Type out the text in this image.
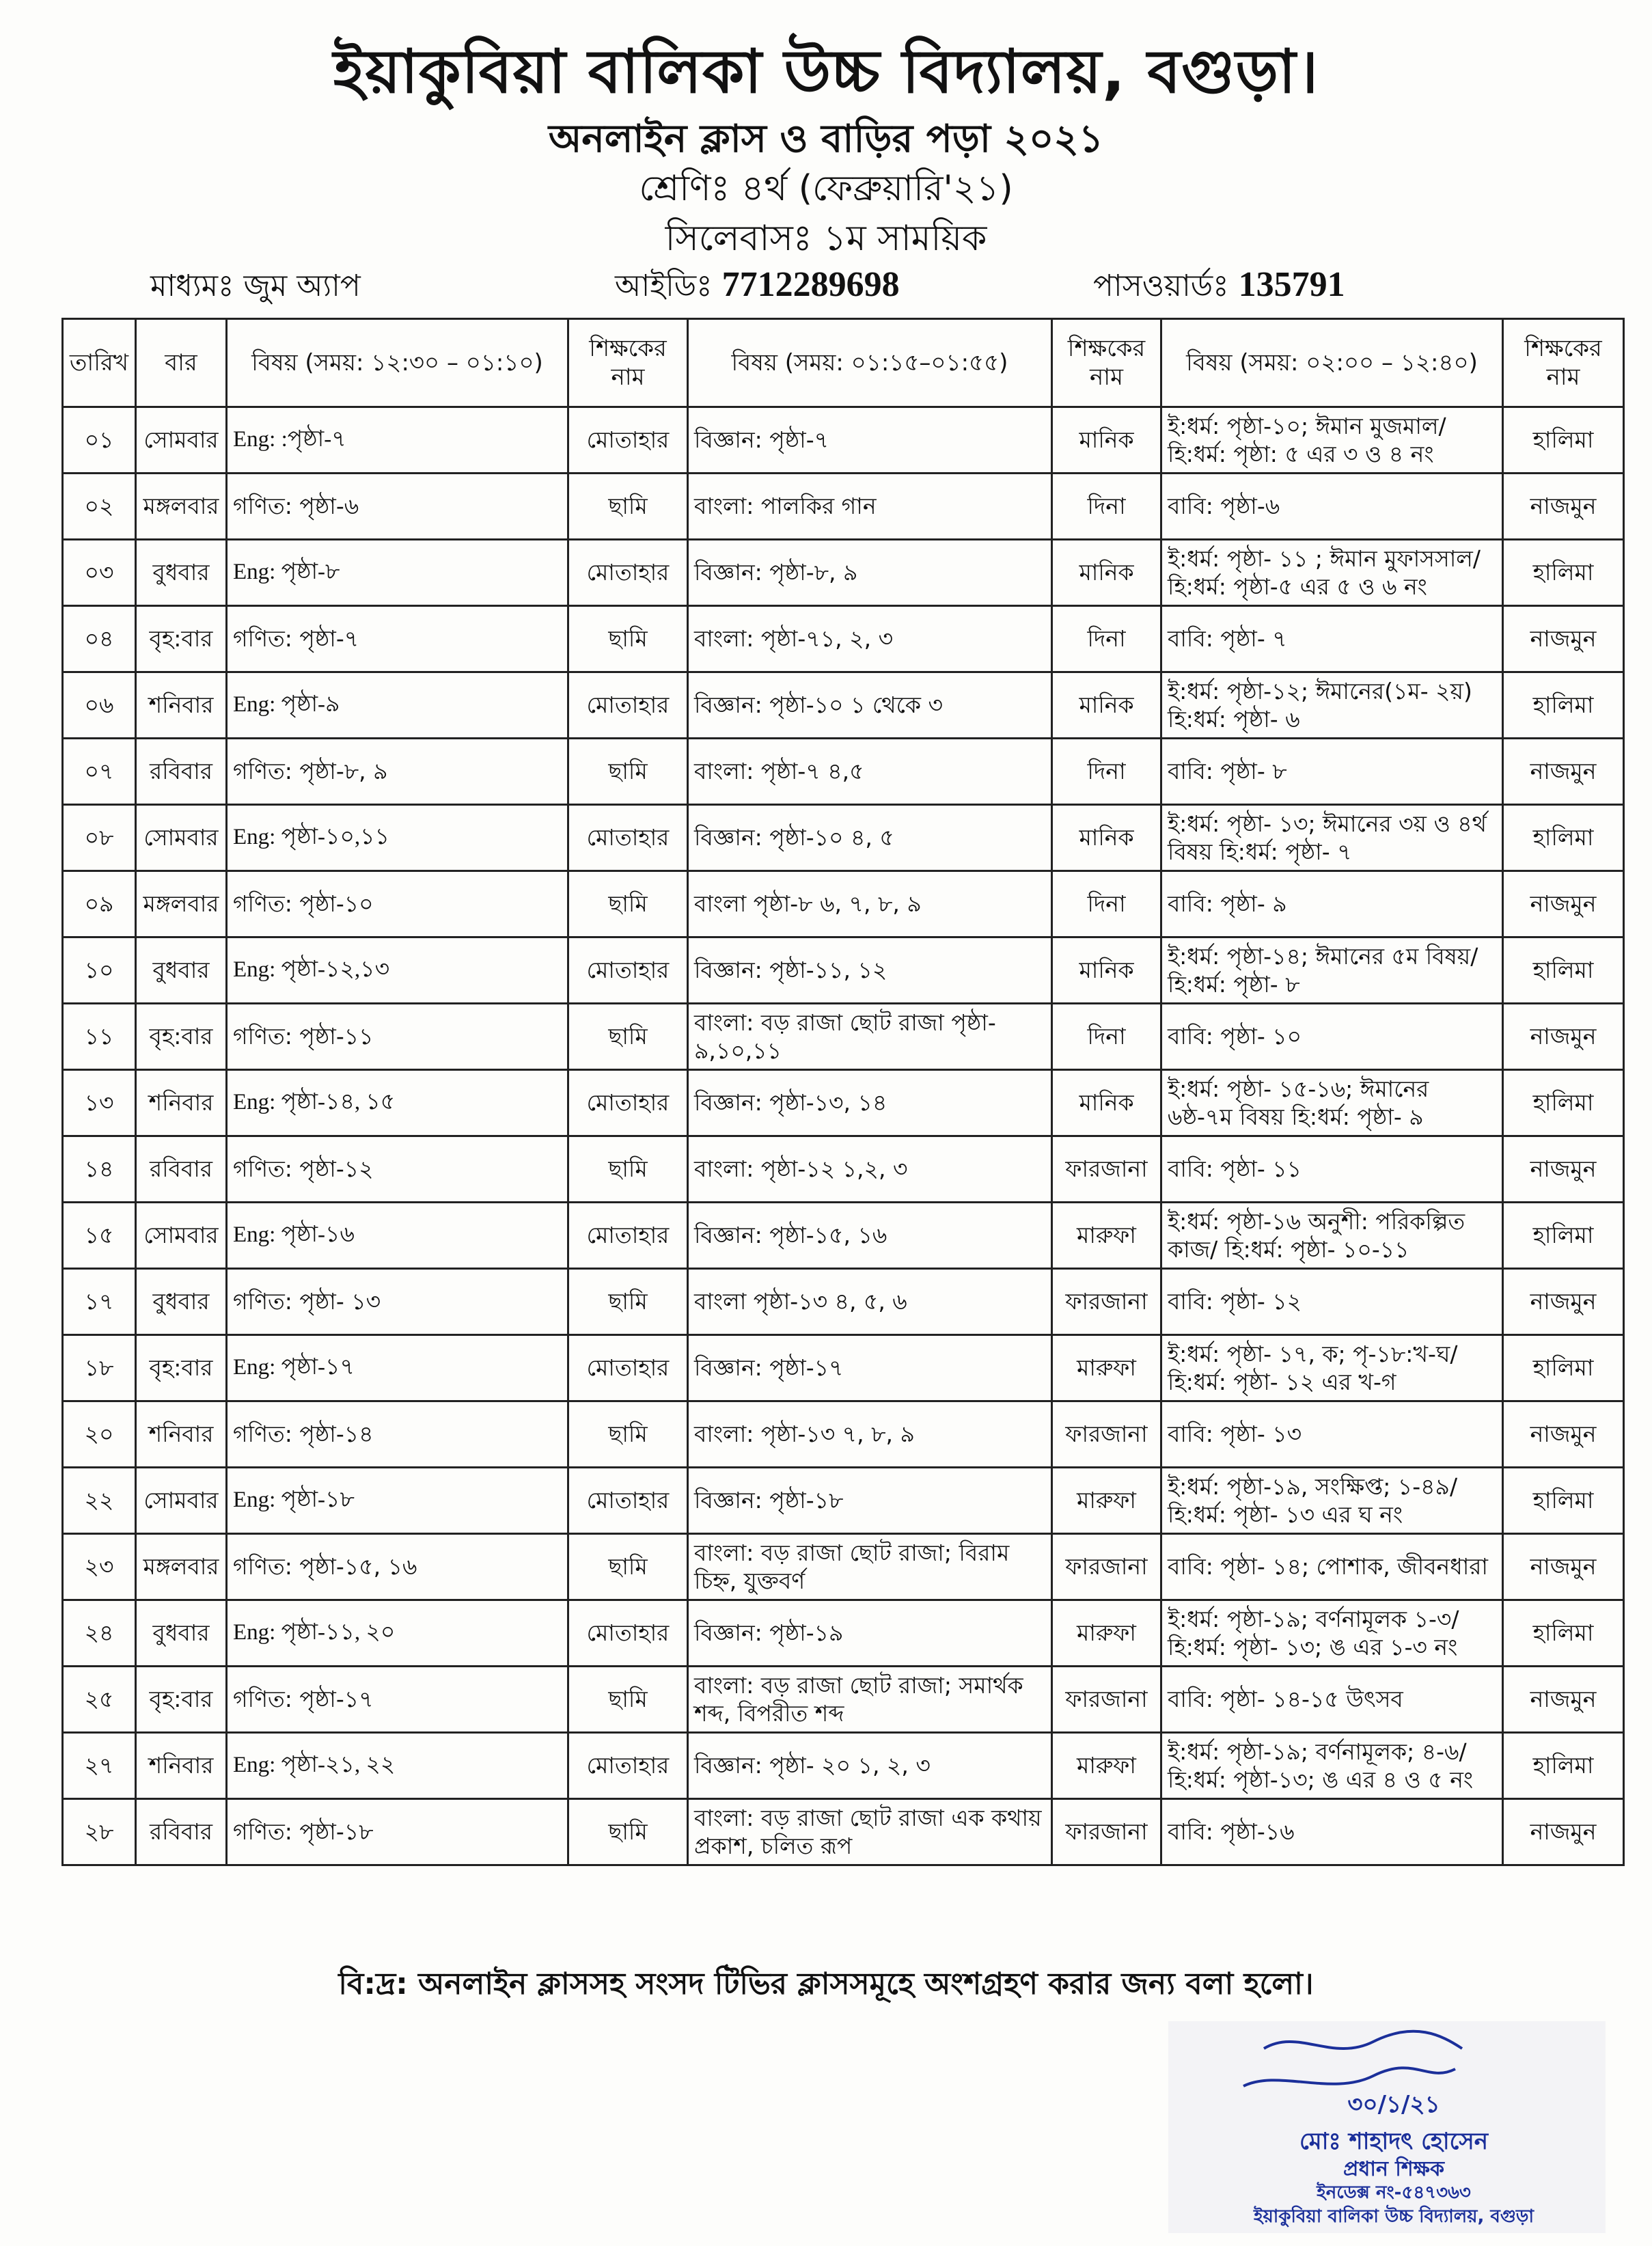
ইয়াকুবিয়া বালিকা উচ্চ বিদ্যালয়, বগুড়া।
অনলাইন ক্লাস ও বাড়ির পড়া ২০২১
শ্রেণিঃ ৪র্থ (ফেব্রুয়ারি'২১)
সিলেবাসঃ ১ম সাময়িক
মাধ্যমঃ জুম অ্যাপ	আইডিঃ 7712289698	পাসওয়ার্ডঃ 135791
তারিখ	বার	বিষয় (সময়: ১২:৩০ – ০১:১০)	শিক্ষকের নাম	বিষয় (সময়: ০১:১৫–০১:৫৫)	শিক্ষকের নাম	বিষয় (সময়: ০২:০০ – ১২:৪০)	শিক্ষকের নাম
০১	সোমবার	Eng: :পৃষ্ঠা-৭	মোতাহার	বিজ্ঞান: পৃষ্ঠা-৭	মানিক	ই:ধর্ম: পৃষ্ঠা-১০; ঈমান মুজমাল/ হি:ধর্ম: পৃষ্ঠা: ৫ এর ৩ ও ৪ নং	হালিমা
০২	মঙ্গলবার	গণিত: পৃষ্ঠা-৬	ছামি	বাংলা: পালকির গান	দিনা	বাবি: পৃষ্ঠা-৬	নাজমুন
০৩	বুধবার	Eng: পৃষ্ঠা-৮	মোতাহার	বিজ্ঞান: পৃষ্ঠা-৮, ৯	মানিক	ই:ধর্ম: পৃষ্ঠা- ১১ ; ঈমান মুফাসসাল/ হি:ধর্ম: পৃষ্ঠা-৫ এর ৫ ও ৬ নং	হালিমা
০৪	বৃহ:বার	গণিত: পৃষ্ঠা-৭	ছামি	বাংলা: পৃষ্ঠা-৭১, ২, ৩	দিনা	বাবি: পৃষ্ঠা- ৭	নাজমুন
০৬	শনিবার	Eng: পৃষ্ঠা-৯	মোতাহার	বিজ্ঞান: পৃষ্ঠা-১০ ১ থেকে ৩	মানিক	ই:ধর্ম: পৃষ্ঠা-১২; ঈমানের(১ম- ২য়) হি:ধর্ম: পৃষ্ঠা- ৬	হালিমা
০৭	রবিবার	গণিত: পৃষ্ঠা-৮, ৯	ছামি	বাংলা: পৃষ্ঠা-৭ ৪,৫	দিনা	বাবি: পৃষ্ঠা- ৮	নাজমুন
০৮	সোমবার	Eng: পৃষ্ঠা-১০,১১	মোতাহার	বিজ্ঞান: পৃষ্ঠা-১০ ৪, ৫	মানিক	ই:ধর্ম: পৃষ্ঠা- ১৩; ঈমানের ৩য় ও ৪র্থ বিষয় হি:ধর্ম: পৃষ্ঠা- ৭	হালিমা
০৯	মঙ্গলবার	গণিত: পৃষ্ঠা-১০	ছামি	বাংলা পৃষ্ঠা-৮ ৬, ৭, ৮, ৯	দিনা	বাবি: পৃষ্ঠা- ৯	নাজমুন
১০	বুধবার	Eng: পৃষ্ঠা-১২,১৩	মোতাহার	বিজ্ঞান: পৃষ্ঠা-১১, ১২	মানিক	ই:ধর্ম: পৃষ্ঠা-১৪; ঈমানের ৫ম বিষয়/ হি:ধর্ম: পৃষ্ঠা- ৮	হালিমা
১১	বৃহ:বার	গণিত: পৃষ্ঠা-১১	ছামি	বাংলা: বড় রাজা ছোট রাজা পৃষ্ঠা- ৯,১০,১১	দিনা	বাবি: পৃষ্ঠা- ১০	নাজমুন
১৩	শনিবার	Eng: পৃষ্ঠা-১৪, ১৫	মোতাহার	বিজ্ঞান: পৃষ্ঠা-১৩, ১৪	মানিক	ই:ধর্ম: পৃষ্ঠা- ১৫-১৬; ঈমানের ৬ষ্ঠ-৭ম বিষয় হি:ধর্ম: পৃষ্ঠা- ৯	হালিমা
১৪	রবিবার	গণিত: পৃষ্ঠা-১২	ছামি	বাংলা: পৃষ্ঠা-১২ ১,২, ৩	ফারজানা	বাবি: পৃষ্ঠা- ১১	নাজমুন
১৫	সোমবার	Eng: পৃষ্ঠা-১৬	মোতাহার	বিজ্ঞান: পৃষ্ঠা-১৫, ১৬	মারুফা	ই:ধর্ম: পৃষ্ঠা-১৬ অনুশী: পরিকল্পিত কাজ/ হি:ধর্ম: পৃষ্ঠা- ১০-১১	হালিমা
১৭	বুধবার	গণিত: পৃষ্ঠা- ১৩	ছামি	বাংলা পৃষ্ঠা-১৩ ৪, ৫, ৬	ফারজানা	বাবি: পৃষ্ঠা- ১২	নাজমুন
১৮	বৃহ:বার	Eng: পৃষ্ঠা-১৭	মোতাহার	বিজ্ঞান: পৃষ্ঠা-১৭	মারুফা	ই:ধর্ম: পৃষ্ঠা- ১৭, ক; পৃ-১৮:খ-ঘ/ হি:ধর্ম: পৃষ্ঠা- ১২ এর খ-গ	হালিমা
২০	শনিবার	গণিত: পৃষ্ঠা-১৪	ছামি	বাংলা: পৃষ্ঠা-১৩ ৭, ৮, ৯	ফারজানা	বাবি: পৃষ্ঠা- ১৩	নাজমুন
২২	সোমবার	Eng: পৃষ্ঠা-১৮	মোতাহার	বিজ্ঞান: পৃষ্ঠা-১৮	মারুফা	ই:ধর্ম: পৃষ্ঠা-১৯, সংক্ষিপ্ত; ১-৪৯/ হি:ধর্ম: পৃষ্ঠা- ১৩ এর ঘ নং	হালিমা
২৩	মঙ্গলবার	গণিত: পৃষ্ঠা-১৫, ১৬	ছামি	বাংলা: বড় রাজা ছোট রাজা; বিরাম চিহ্ন, যুক্তবর্ণ	ফারজানা	বাবি: পৃষ্ঠা- ১৪; পোশাক, জীবনধারা	নাজমুন
২৪	বুধবার	Eng: পৃষ্ঠা-১১, ২০	মোতাহার	বিজ্ঞান: পৃষ্ঠা-১৯	মারুফা	ই:ধর্ম: পৃষ্ঠা-১৯; বর্ণনামূলক ১-৩/ হি:ধর্ম: পৃষ্ঠা- ১৩; ঙ এর ১-৩ নং	হালিমা
২৫	বৃহ:বার	গণিত: পৃষ্ঠা-১৭	ছামি	বাংলা: বড় রাজা ছোট রাজা; সমার্থক শব্দ, বিপরীত শব্দ	ফারজানা	বাবি: পৃষ্ঠা- ১৪-১৫ উৎসব	নাজমুন
২৭	শনিবার	Eng: পৃষ্ঠা-২১, ২২	মোতাহার	বিজ্ঞান: পৃষ্ঠা- ২০ ১, ২, ৩	মারুফা	ই:ধর্ম: পৃষ্ঠা-১৯; বর্ণনামূলক; ৪-৬/ হি:ধর্ম: পৃষ্ঠা-১৩; ঙ এর ৪ ও ৫ নং	হালিমা
২৮	রবিবার	গণিত: পৃষ্ঠা-১৮	ছামি	বাংলা: বড় রাজা ছোট রাজা এক কথায় প্রকাশ, চলিত রূপ	ফারজানা	বাবি: পৃষ্ঠা-১৬	নাজমুন
বি:দ্র: অনলাইন ক্লাসসহ সংসদ টিভির ক্লাসসমূহে অংশগ্রহণ করার জন্য বলা হলো।
৩০/১/২১
মোঃ শাহাদৎ হোসেন
প্রধান শিক্ষক
ইনডেক্স নং-৫৪৭৩৬৩
ইয়াকুবিয়া বালিকা উচ্চ বিদ্যালয়, বগুড়া
